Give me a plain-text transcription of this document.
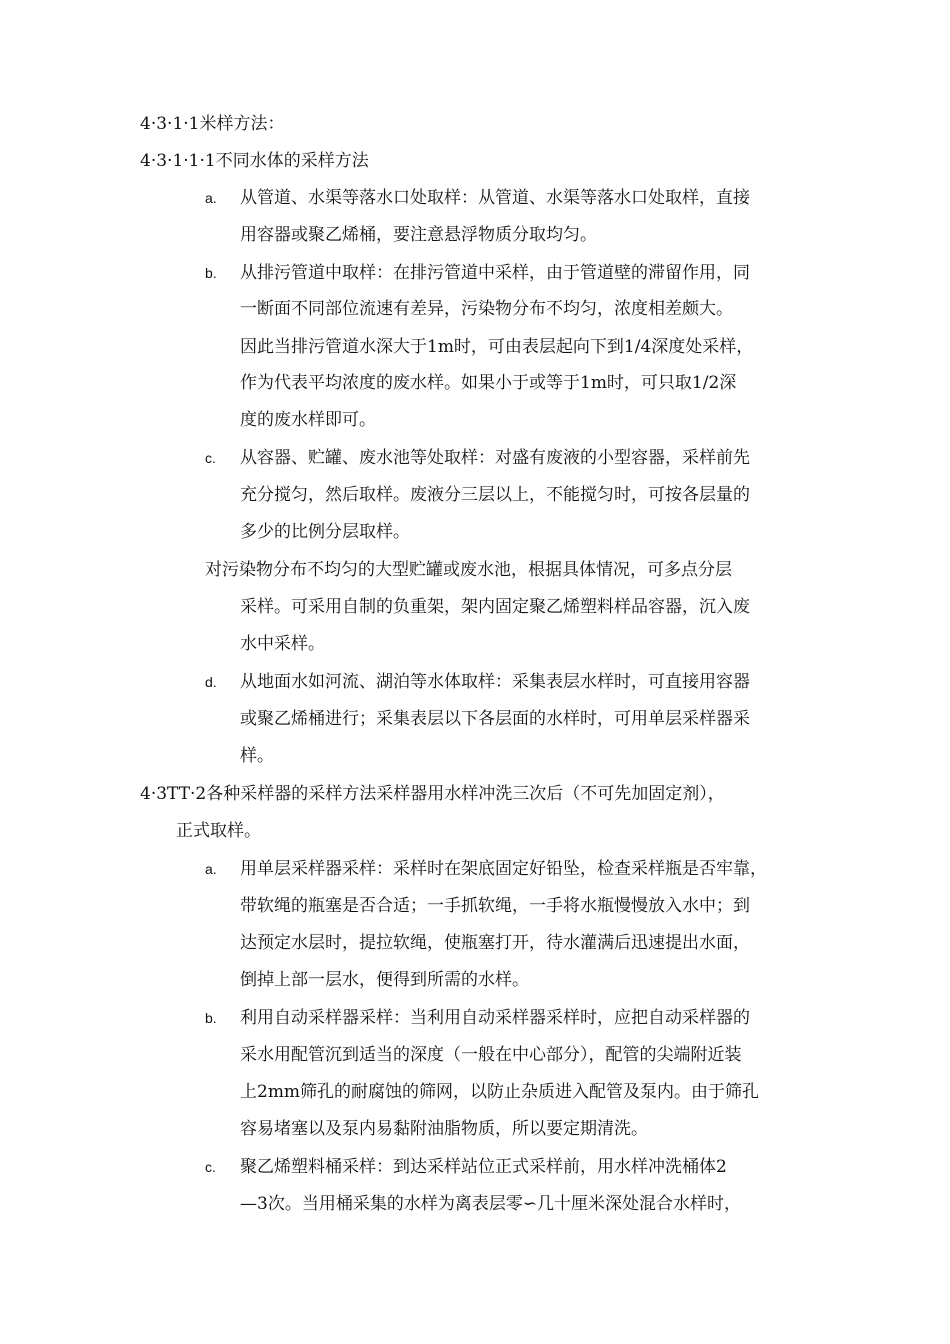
4·3·1·1米样方法：
4·3·1·1·1不同水体的采样方法
a. 从管道、水渠等落水口处取样：从管道、水渠等落水口处取样，直接
用容器或聚乙烯桶，要注意悬浮物质分取均匀。
b. 从排污管道中取样：在排污管道中采样，由于管道壁的滞留作用，同
一断面不同部位流速有差异，污染物分布不均匀，浓度相差颇大。
因此当排污管道水深大于1m时，可由表层起向下到1/4深度处采样，
作为代表平均浓度的废水样。如果小于或等于1m时，可只取1/2深
度的废水样即可。
c. 从容器、贮罐、废水池等处取样：对盛有废液的小型容器，采样前先
充分搅匀，然后取样。废液分三层以上，不能搅匀时，可按各层量的
多少的比例分层取样。
对污染物分布不均匀的大型贮罐或废水池，根据具体情况，可多点分层
采样。可采用自制的负重架，架内固定聚乙烯塑料样品容器，沉入废
水中采样。
d. 从地面水如河流、湖泊等水体取样：采集表层水样时，可直接用容器
或聚乙烯桶进行；采集表层以下各层面的水样时，可用单层采样器采
样。
4·3TT·2各种采样器的采样方法采样器用水样冲洗三次后（不可先加固定剂），
正式取样。
a. 用单层采样器采样：采样时在架底固定好铅坠，检查采样瓶是否牢靠，
带软绳的瓶塞是否合适；一手抓软绳，一手将水瓶慢慢放入水中；到
达预定水层时，提拉软绳，使瓶塞打开，待水灌满后迅速提出水面，
倒掉上部一层水，便得到所需的水样。
b. 利用自动采样器采样：当利用自动采样器采样时，应把自动采样器的
采水用配管沉到适当的深度（一般在中心部分），配管的尖端附近装
上2mm筛孔的耐腐蚀的筛网，以防止杂质进入配管及泵内。由于筛孔
容易堵塞以及泵内易黏附油脂物质，所以要定期清洗。
c. 聚乙烯塑料桶采样：到达采样站位正式采样前，用水样冲洗桶体2
—3次。当用桶采集的水样为离表层零∽几十厘米深处混合水样时，
